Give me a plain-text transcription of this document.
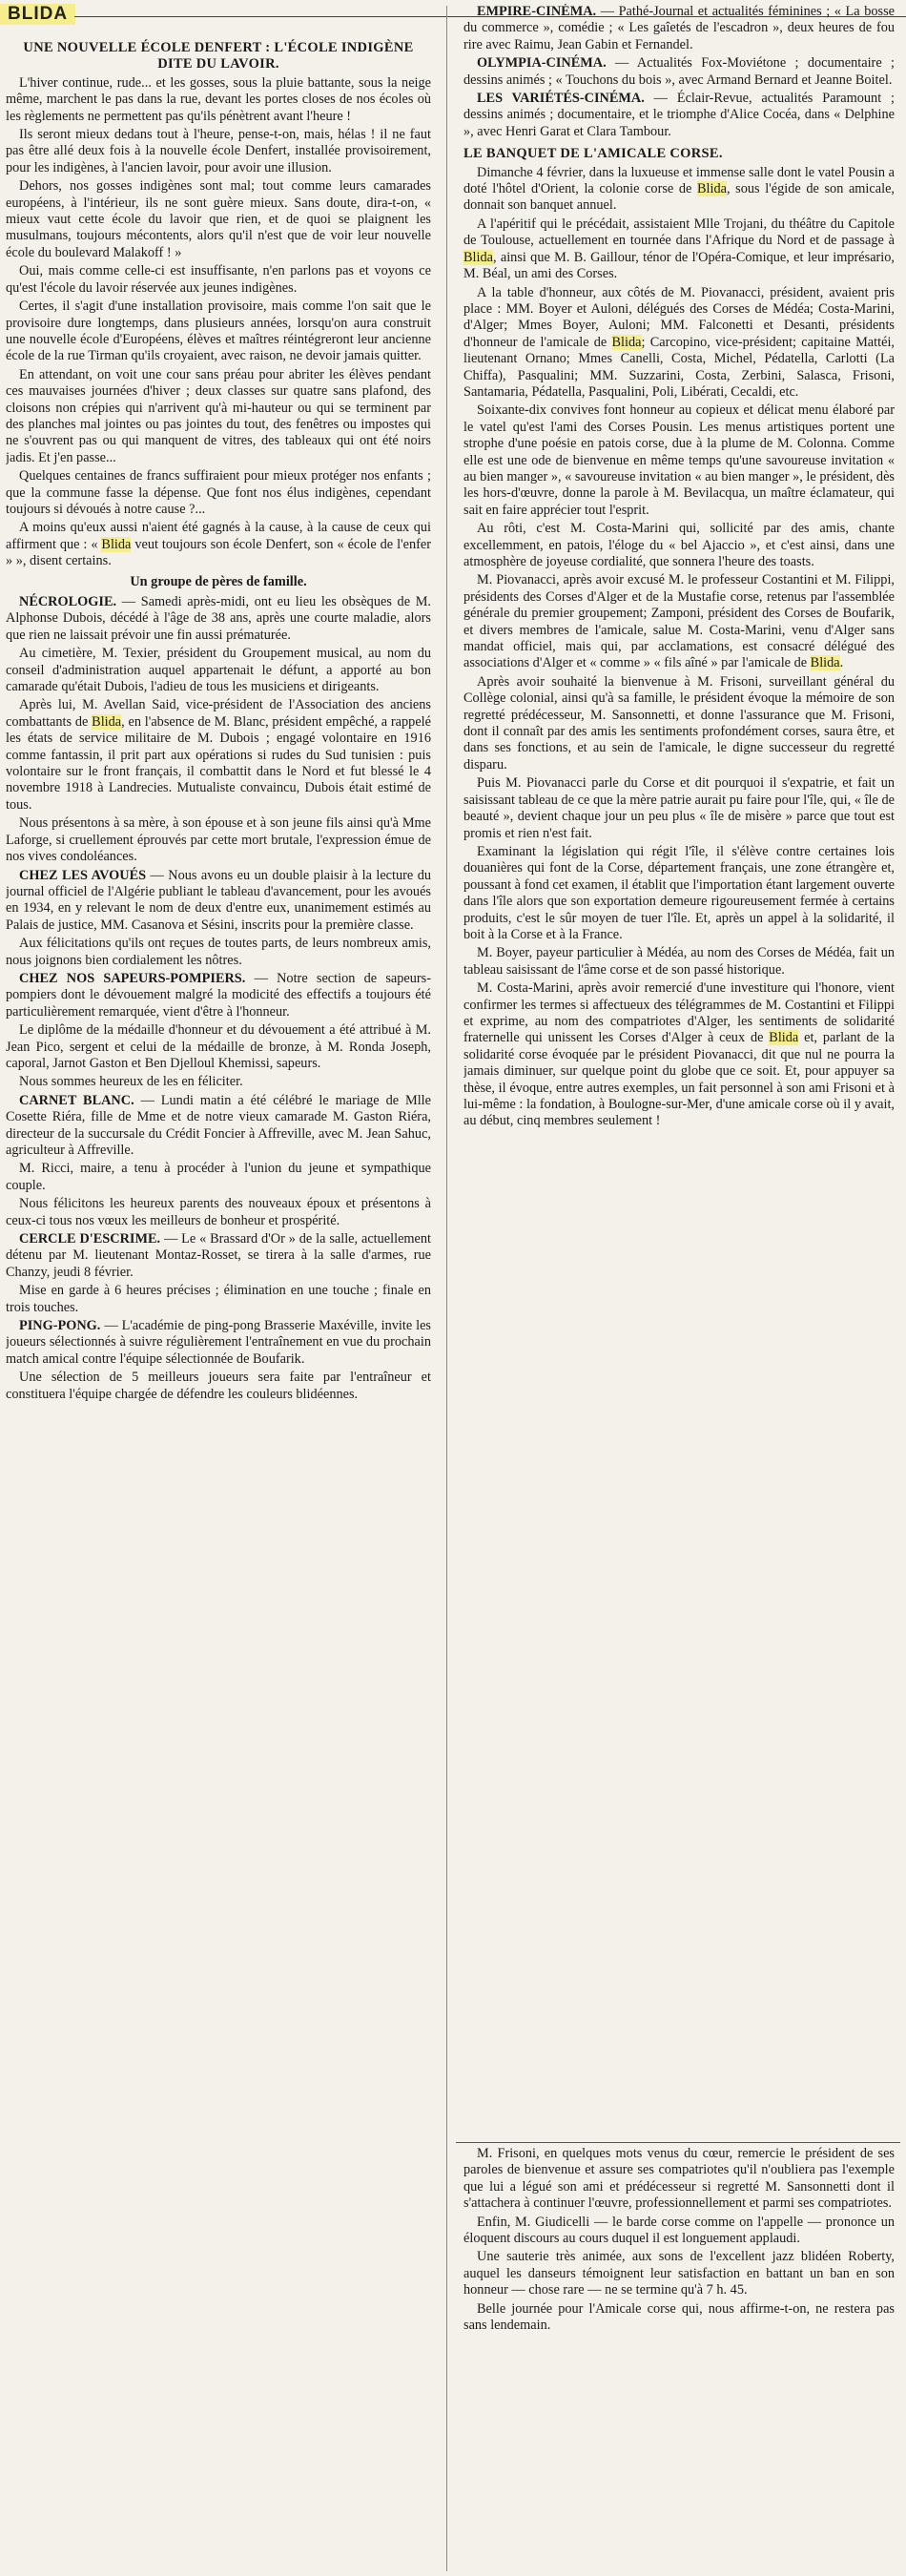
BLIDA
UNE NOUVELLE ÉCOLE DENFERT : L'ÉCOLE INDIGÈNE DITE DU LAVOIR.

L'hiver continue, rude... et les gosses, sous la pluie battante, sous la neige même, marchent le pas dans la rue, devant les portes closes de nos écoles où les règlements ne permettent pas qu'ils pénètrent avant l'heure !

Ils seront mieux dedans tout à l'heure, pense-t-on, mais, hélas ! il ne faut pas être allé deux fois à la nouvelle école Denfert, installée provisoirement, pour les indigènes, à l'ancien lavoir, pour avoir une illusion.

Dehors, nos gosses indigènes sont mal; tout comme leurs camarades européens, à l'intérieur, ils ne sont guère mieux. Sans doute, dira-t-on, « mieux vaut cette école du lavoir que rien, et de quoi se plaignent les musulmans, toujours mécontents, alors qu'il n'est que de voir leur nouvelle école du boulevard Malakoff ! »

Oui, mais comme celle-ci est insuffisante, n'en parlons pas et voyons ce qu'est l'école du lavoir réservée aux jeunes indigènes.

Certes, il s'agit d'une installation provisoire, mais comme l'on sait que le provisoire dure longtemps, dans plusieurs années, lorsqu'on aura construit une nouvelle école d'Européens, élèves et maîtres réintégreront leur ancienne école de la rue Tirman qu'ils croyaient, avec raison, ne devoir jamais quitter.

En attendant, on voit une cour sans préau pour abriter les élèves pendant ces mauvaises journées d'hiver ; deux classes sur quatre sans plafond, des cloisons non crépies qui n'arrivent qu'à mi-hauteur ou qui se terminent par des planches mal jointes ou pas jointes du tout, des fenêtres ou impostes qui ne s'ouvrent pas ou qui manquent de vitres, des tableaux qui ont été noirs jadis. Et j'en passe...

Quelques centaines de francs suffiraient pour mieux protéger nos enfants ; que la commune fasse la dépense. Que font nos élus indigènes, cependant toujours si dévoués à notre cause ?...

A moins qu'eux aussi n'aient été gagnés à la cause, à la cause de ceux qui affirment que : « Blida veut toujours son école Denfert, son « école de l'enfer » », disent certains.

Un groupe de pères de famille.

NÉCROLOGIE. — Samedi après-midi, ont eu lieu les obsèques de M. Alphonse Dubois, décédé à l'âge de 38 ans, après une courte maladie, alors que rien ne laissait prévoir une fin aussi prématurée.

Au cimetière, M. Texier, président du Groupement musical, au nom du conseil d'administration auquel appartenait le défunt, a apporté au bon camarade qu'était Dubois, l'adieu de tous les musiciens et dirigeants.

Après lui, M. Avellan Said, vice-président de l'Association des anciens combattants de Blida, en l'absence de M. Blanc, président empêché, a rappelé les états de service militaire de M. Dubois ; engagé volontaire en 1916 comme fantassin, il prit part aux opérations si rudes du Sud tunisien : puis volontaire sur le front français, il combattit dans le Nord et fut blessé le 4 novembre 1918 à Landrecies. Mutualiste convaincu, Dubois était estimé de tous.

Nous présentons à sa mère, à son épouse et à son jeune fils ainsi qu'à Mme Laforge, si cruellement éprouvés par cette mort brutale, l'expression émue de nos vives condoléances.

CHEZ LES AVOUÉS — Nous avons eu un double plaisir à la lecture du journal officiel de l'Algérie publiant le tableau d'avancement, pour les avoués en 1934, en y relevant le nom de deux d'entre eux, unanimement estimés au Palais de justice, MM. Casanova et Sésini, inscrits pour la première classe.

Aux félicitations qu'ils ont reçues de toutes parts, de leurs nombreux amis, nous joignons bien cordialement les nôtres.

CHEZ NOS SAPEURS-POMPIERS. — Notre section de sapeurs-pompiers dont le dévouement malgré la modicité des effectifs a toujours été particulièrement remarquée, vient d'être à l'honneur.

Le diplôme de la médaille d'honneur et du dévouement a été attribué à M. Jean Pico, sergent et celui de la médaille de bronze, à M. Ronda Joseph, caporal, Jarnot Gaston et Ben Djelloul Khemissi, sapeurs.

Nous sommes heureux de les en féliciter.

CARNET BLANC. — Lundi matin a été célébré le mariage de Mlle Cosette Riéra, fille de Mme et de notre vieux camarade M. Gaston Riéra, directeur de la succursale du Crédit Foncier à Affreville, avec M. Jean Sahuc, agriculteur à Affreville.

M. Ricci, maire, a tenu à procéder à l'union du jeune et sympathique couple.

Nous félicitons les heureux parents des nouveaux époux et présentons à ceux-ci tous nos vœux les meilleurs de bonheur et prospérité.

CERCLE D'ESCRIME. — Le « Brassard d'Or » de la salle, actuellement détenu par M. lieutenant Montaz-Rosset, se tirera à la salle d'armes, rue Chanzy, jeudi 8 février.

Mise en garde à 6 heures précises ; élimination en une touche ; finale en trois touches.

PING-PONG. — L'académie de ping-pong Brasserie Maxéville, invite les joueurs sélectionnés à suivre régulièrement l'entraînement en vue du prochain match amical contre l'équipe sélectionnée de Boufarik.

Une sélection de 5 meilleurs joueurs sera faite par l'entraîneur et constituera l'équipe chargée de défendre les couleurs blidéennes.

EMPIRE-CINÉMA. — Pathé-Journal et actualités féminines ; « La bosse du commerce », comédie ; « Les gaîetés de l'escadron », deux heures de fou rire avec Raimu, Jean Gabin et Fernandel.

OLYMPIA-CINÉMA. — Actualités Fox-Moviétone ; documentaire ; dessins animés ; « Touchons du bois », avec Armand Bernard et Jeanne Boitel.

LES VARIÉTÉS-CINÉMA. — Éclair-Revue, actualités Paramount ; dessins animés ; documentaire, et le triomphe d'Alice Cocéa, dans « Delphine », avec Henri Garat et Clara Tambour.

LE BANQUET DE L'AMICALE CORSE.

Dimanche 4 février, dans la luxueuse et immense salle dont le vatel Pousin a doté l'hôtel d'Orient, la colonie corse de Blida, sous l'égide de son amicale, donnait son banquet annuel.

A l'apéritif qui le précédait, assistaient Mlle Trojani, du théâtre du Capitole de Toulouse, actuellement en tournée dans l'Afrique du Nord et de passage à Blida, ainsi que M. B. Gaillour, ténor de l'Opéra-Comique, et leur imprésario, M. Béal, un ami des Corses.

A la table d'honneur, aux côtés de M. Piovanacci, président, avaient pris place : MM. Boyer et Auloni, délégués des Corses de Médéa; Costa-Marini, d'Alger; Mmes Boyer, Auloni; MM. Falconetti et Desanti, présidents d'honneur de l'amicale de Blida; Carcopino, vice-président; capitaine Mattéi, lieutenant Ornano; Mmes Canelli, Costa, Michel, Pédatella, Carlotti (La Chiffa), Pasqualini; MM. Suzzarini, Costa, Zerbini, Salasca, Frisoni, Santamaria, Pédatella, Pasqualini, Poli, Libérati, Cecaldi, etc.

Soixante-dix convives font honneur au copieux et délicat menu élaboré par le vatel qu'est l'ami des Corses Pousin. Les menus artistiques portent une strophe d'une poésie en patois corse, due à la plume de M. Colonna. Comme elle est une ode de bienvenue en même temps qu'une savoureuse invitation « au bien manger », « savoureuse invitation « au bien manger », le président, dès les hors-d'œuvre, donne la parole à M. Bevilacqua, un maître éclamateur, qui sait en faire apprécier tout l'esprit.

Au rôti, c'est M. Costa-Marini qui, sollicité par des amis, chante excellemment, en patois, l'éloge du « bel Ajaccio », et c'est ainsi, dans une atmosphère de joyeuse cordialité, que sonnera l'heure des toasts.

M. Piovanacci, après avoir excusé M. le professeur Costantini et M. Filippi, présidents des Corses d'Alger et de la Mustafie corse, retenus par l'assemblée générale du premier groupement; Zamponi, président des Corses de Boufarik, et divers membres de l'amicale, salue M. Costa-Marini, venu d'Alger sans mandat officiel, mais qui, par acclamations, est consacré délégué des associations d'Alger et « comme » « fils aîné » par l'amicale de Blida.

Après avoir souhaité la bienvenue à M. Frisoni, surveillant général du Collège colonial, ainsi qu'à sa famille, le président évoque la mémoire de son regretté prédécesseur, M. Sansonnetti, et donne l'assurance que M. Frisoni, dont il connaît par des amis les sentiments profondément corses, saura être, et dans ses fonctions, et au sein de l'amicale, le digne successeur du regretté disparu.

Puis M. Piovanacci parle du Corse et dit pourquoi il s'expatrie, et fait un saisissant tableau de ce que la mère patrie aurait pu faire pour l'île, qui, « île de beauté », devient chaque jour un peu plus « île de misère » parce que tout est promis et rien n'est fait.

Examinant la législation qui régit l'île, il s'élève contre certaines lois douanières qui font de la Corse, département français, une zone étrangère et, poussant à fond cet examen, il établit que l'importation étant largement ouverte dans l'île alors que son exportation demeure rigoureusement fermée à certains produits, c'est le sûr moyen de tuer l'île. Et, après un appel à la solidarité, il boit à la Corse et à la France.

M. Boyer, payeur particulier à Médéa, au nom des Corses de Médéa, fait un tableau saisissant de l'âme corse et de son passé historique.

M. Costa-Marini, après avoir remercié d'une investiture qui l'honore, vient confirmer les termes si affectueux des télégrammes de M. Costantini et Filippi et exprime, au nom des compatriotes d'Alger, les sentiments de solidarité fraternelle qui unissent les Corses d'Alger à ceux de Blida et, parlant de la solidarité corse évoquée par le président Piovanacci, dit que nul ne pourra la jamais diminuer, sur quelque point du globe que ce soit. Et, pour appuyer sa thèse, il évoque, entre autres exemples, un fait personnel à son ami Frisoni et à lui-même : la fondation, à Boulogne-sur-Mer, d'une amicale corse où il y avait, au début, cinq membres seulement !

M. Frisoni, en quelques mots venus du cœur, remercie le président de ses paroles de bienvenue et assure ses compatriotes qu'il n'oubliera pas l'exemple que lui a légué son ami et prédécesseur si regretté M. Sansonnetti dont il s'attachera à continuer l'œuvre, professionnellement et parmi ses compatriotes.

Enfin, M. Giudicelli — le barde corse comme on l'appelle — prononce un éloquent discours au cours duquel il est longuement applaudi.

Une sauterie très animée, aux sons de l'excellent jazz blidéen Roberty, auquel les danseurs témoignent leur satisfaction en battant un ban en son honneur — chose rare — ne se termine qu'à 7 h. 45.

Belle journée pour l'Amicale corse qui, nous affirme-t-on, ne restera pas sans lendemain.
